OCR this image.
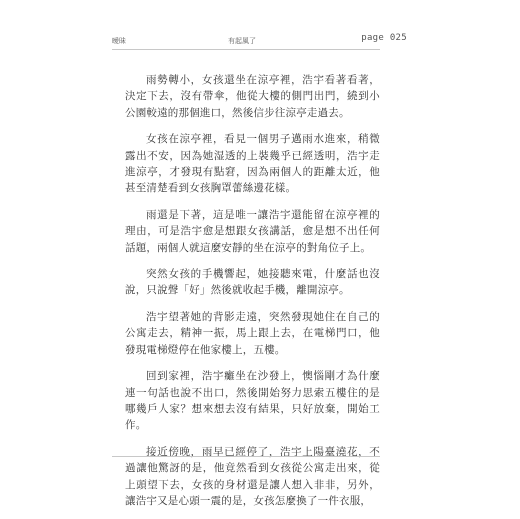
曖昧	有起風了	page 025

雨勢轉小，女孩還坐在涼亭裡，浩宇看著看著，決定下去，沒有帶傘，他從大樓的側門出門，繞到小公園較遠的那個進口，然後信步往涼亭走過去。

女孩在涼亭裡，看見一個男子邁雨水進來，稍微露出不安，因為她湿透的上裝幾乎已經透明，浩宇走進涼亭，才發現有點窘，因為兩個人的距離太近，他甚至清楚看到女孩胸罩蕾絲邊花樣。

雨還是下著，這是唯一讓浩宇還能留在涼亭裡的理由，可是浩宇愈是想跟女孩講話，愈是想不出任何話題，兩個人就這麼安靜的坐在涼亭的對角位子上。

突然女孩的手機響起，她接聽來電，什麼話也沒說，只說聲「好」然後就收起手機，離開涼亭。

浩宇望著她的背影走遠，突然發現她住在自己的公寓走去，精神一振，馬上跟上去，在電梯門口，他發現電梯燈停在他家樓上，五樓。

回到家裡，浩宇癱坐在沙發上，懊惱剛才為什麼連一句話也說不出口，然後開始努力思索五樓住的是哪幾戶人家？想來想去沒有結果，只好放棄，開始工作。

接近傍晚，雨早已經停了，浩宇上陽臺澆花，不過讓他驚訝的是，他竟然看到女孩從公寓走出來，從上頭望下去，女孩的身材還是讓人想入非非，另外，讓浩宇又是心頭一震的是，女孩怎麼換了一件衣服，
